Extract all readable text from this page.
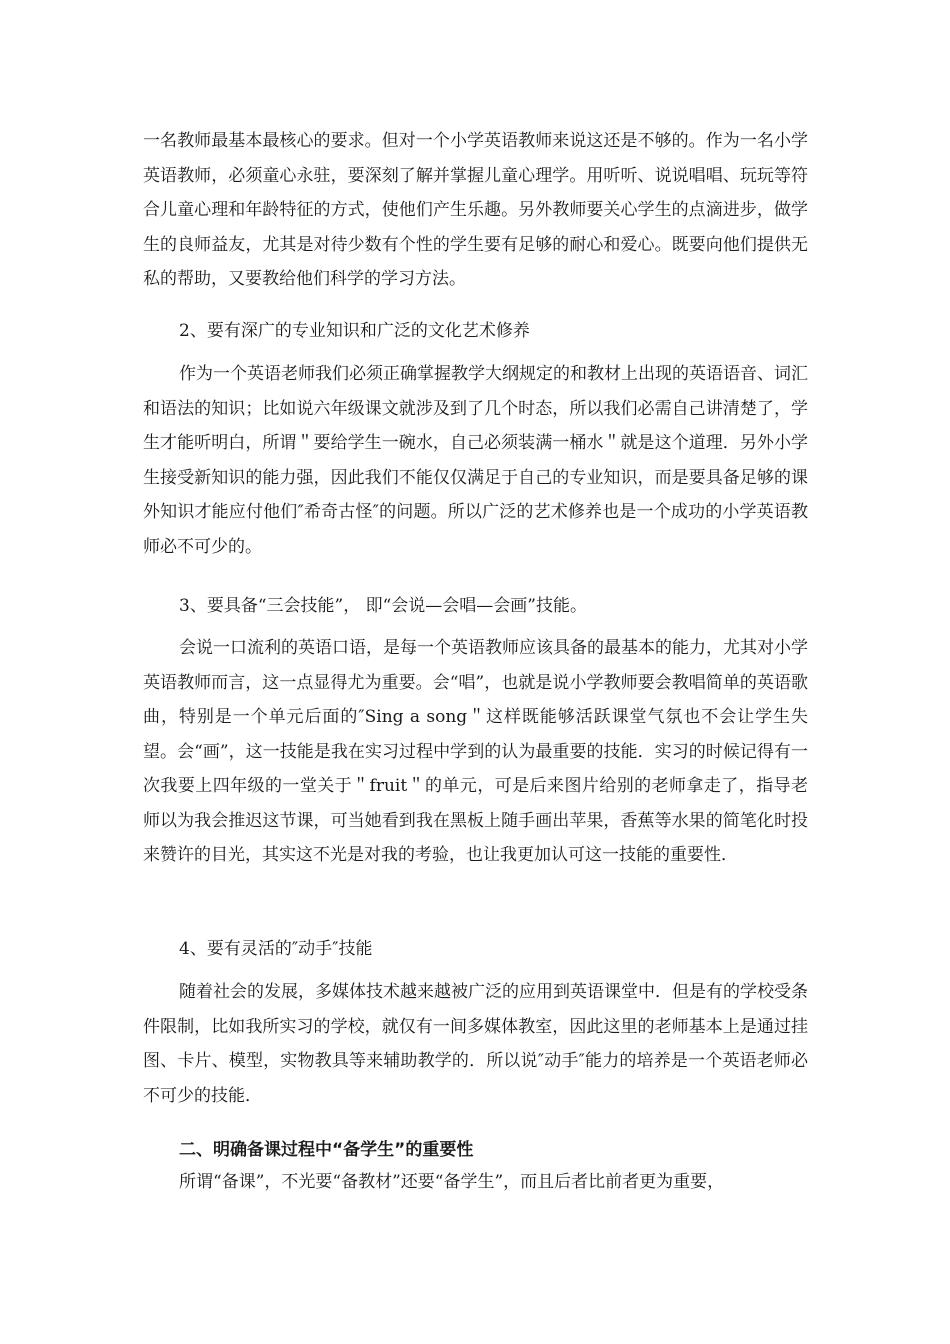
一名教师最基本最核心的要求。但对一个小学英语教师来说这还是不够的。作为一名小学英语教师，必须童心永驻，要深刻了解并掌握儿童心理学。用听听、说说唱唱、玩玩等符合儿童心理和年龄特征的方式，使他们产生乐趣。另外教师要关心学生的点滴进步，做学生的良师益友，尤其是对待少数有个性的学生要有足够的耐心和爱心。既要向他们提供无私的帮助，又要教给他们科学的学习方法。

2、要有深广的专业知识和广泛的文化艺术修养

作为一个英语老师我们必须正确掌握教学大纲规定的和教材上出现的英语语音、词汇和语法的知识；比如说六年级课文就涉及到了几个时态，所以我们必需自己讲清楚了，学生才能听明白，所谓＂要给学生一碗水，自己必须装满一桶水＂就是这个道理．另外小学生接受新知识的能力强，因此我们不能仅仅满足于自己的专业知识，而是要具备足够的课外知识才能应付他们″希奇古怪″的问题。所以广泛的艺术修养也是一个成功的小学英语教师必不可少的。

3、要具备“三会技能”， 即“会说—会唱—会画”技能。

会说一口流利的英语口语，是每一个英语教师应该具备的最基本的能力，尤其对小学英语教师而言，这一点显得尤为重要。会“唱”，也就是说小学教师要会教唱简单的英语歌曲，特别是一个单元后面的″Sing a song＂这样既能够活跃课堂气氛也不会让学生失望。会“画”，这一技能是我在实习过程中学到的认为最重要的技能．实习的时候记得有一次我要上四年级的一堂关于＂fruit＂的单元，可是后来图片给别的老师拿走了，指导老师以为我会推迟这节课，可当她看到我在黑板上随手画出苹果，香蕉等水果的简笔化时投来赞许的目光，其实这不光是对我的考验，也让我更加认可这一技能的重要性．

4、要有灵活的″动手″技能

随着社会的发展，多媒体技术越来越被广泛的应用到英语课堂中．但是有的学校受条件限制，比如我所实习的学校，就仅有一间多媒体教室，因此这里的老师基本上是通过挂图、卡片、模型，实物教具等来辅助教学的．所以说″动手″能力的培养是一个英语老师必不可少的技能．

二、明确备课过程中“备学生”的重要性

所谓“备课”，不光要“备教材”还要“备学生”，而且后者比前者更为重要，
